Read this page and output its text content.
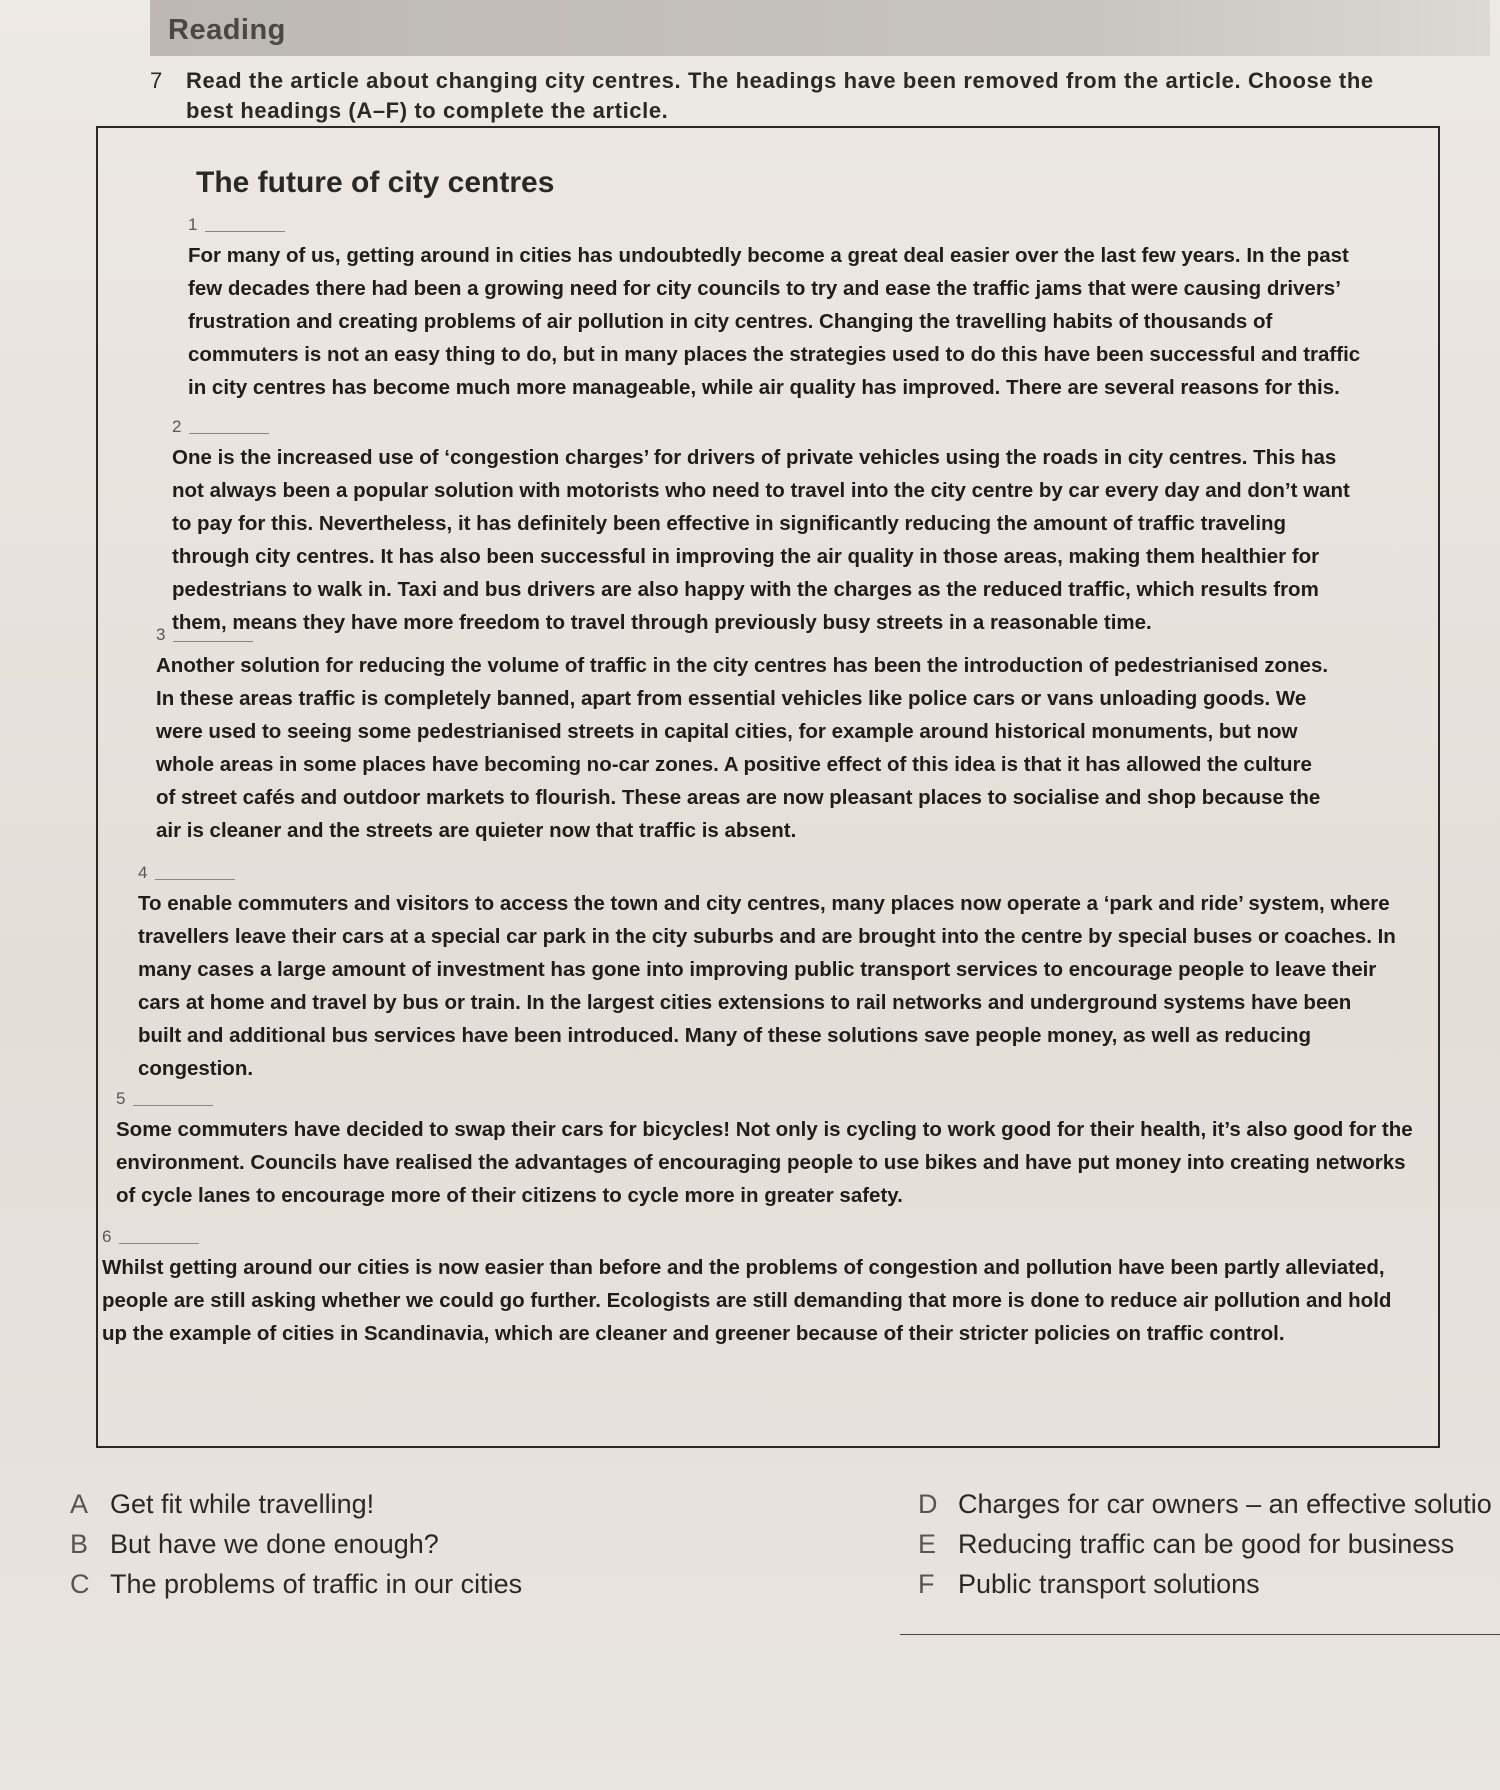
Reading
7 Read the article about changing city centres. The headings have been removed from the article. Choose the best headings (A–F) to complete the article.
The future of city centres
1
For many of us, getting around in cities has undoubtedly become a great deal easier over the last few years. In the past few decades there had been a growing need for city councils to try and ease the traffic jams that were causing drivers’ frustration and creating problems of air pollution in city centres. Changing the travelling habits of thousands of commuters is not an easy thing to do, but in many places the strategies used to do this have been successful and traffic in city centres has become much more manageable, while air quality has improved. There are several reasons for this.
2
One is the increased use of ‘congestion charges’ for drivers of private vehicles using the roads in city centres. This has not always been a popular solution with motorists who need to travel into the city centre by car every day and don’t want to pay for this. Nevertheless, it has definitely been effective in significantly reducing the amount of traffic traveling through city centres. It has also been successful in improving the air quality in those areas, making them healthier for pedestrians to walk in. Taxi and bus drivers are also happy with the charges as the reduced traffic, which results from them, means they have more freedom to travel through previously busy streets in a reasonable time.
3
Another solution for reducing the volume of traffic in the city centres has been the introduction of pedestrianised zones. In these areas traffic is completely banned, apart from essential vehicles like police cars or vans unloading goods. We were used to seeing some pedestrianised streets in capital cities, for example around historical monuments, but now whole areas in some places have becoming no-car zones. A positive effect of this idea is that it has allowed the culture of street cafés and outdoor markets to flourish. These areas are now pleasant places to socialise and shop because the air is cleaner and the streets are quieter now that traffic is absent.
4
To enable commuters and visitors to access the town and city centres, many places now operate a ‘park and ride’ system, where travellers leave their cars at a special car park in the city suburbs and are brought into the centre by special buses or coaches. In many cases a large amount of investment has gone into improving public transport services to encourage people to leave their cars at home and travel by bus or train. In the largest cities extensions to rail networks and underground systems have been built and additional bus services have been introduced. Many of these solutions save people money, as well as reducing congestion.
5
Some commuters have decided to swap their cars for bicycles! Not only is cycling to work good for their health, it’s also good for the environment. Councils have realised the advantages of encouraging people to use bikes and have put money into creating networks of cycle lanes to encourage more of their citizens to cycle more in greater safety.
6
Whilst getting around our cities is now easier than before and the problems of congestion and pollution have been partly alleviated, people are still asking whether we could go further. Ecologists are still demanding that more is done to reduce air pollution and hold up the example of cities in Scandinavia, which are cleaner and greener because of their stricter policies on traffic control.
A Get fit while travelling!
B But have we done enough?
C The problems of traffic in our cities
D Charges for car owners – an effective solutio
E Reducing traffic can be good for business
F Public transport solutions
